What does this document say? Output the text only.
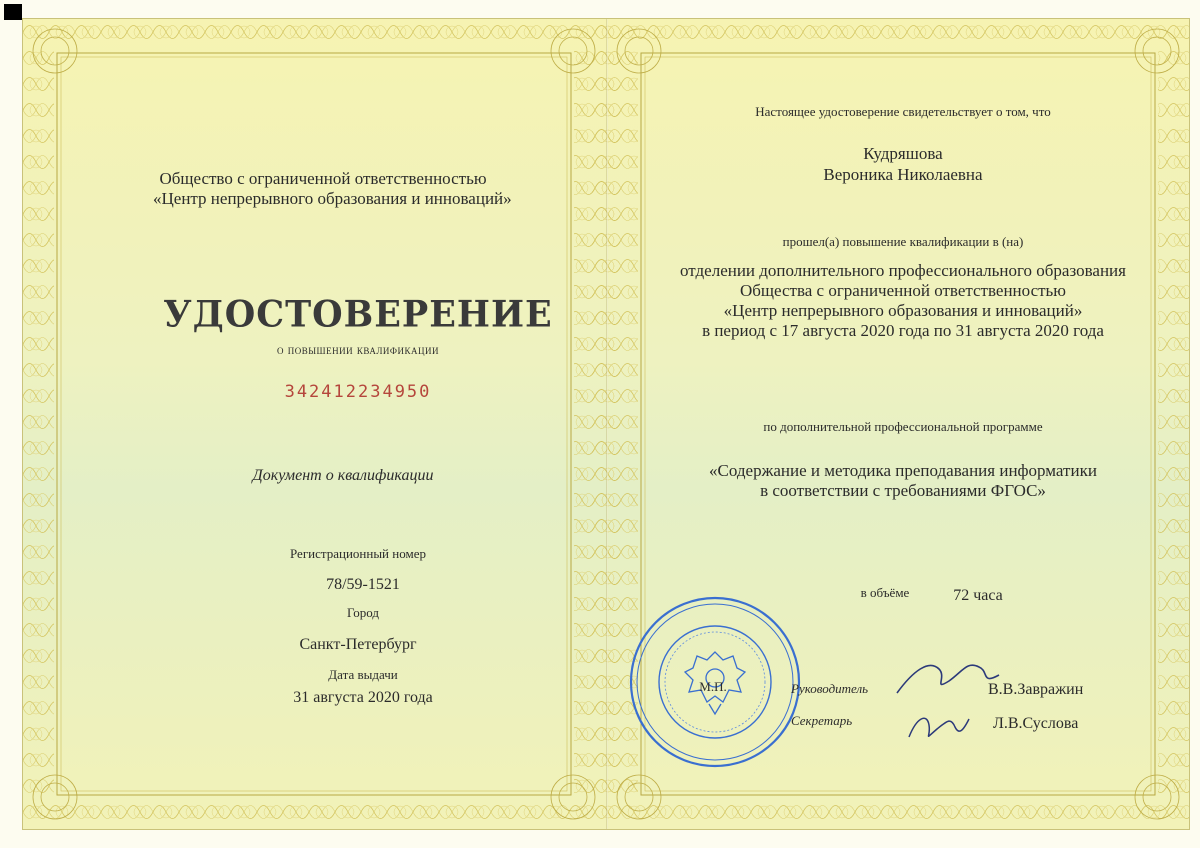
Общество с ограниченной ответственностью
«Центр непрерывного образования и инноваций»
УДОСТОВЕРЕНИЕ
о повышении квалификации
342412234950
Документ о квалификации
Регистрационный номер
78/59-1521
Город
Санкт-Петербург
Дата выдачи
31 августа 2020 года
Настоящее удостоверение свидетельствует о том, что
Кудряшова
Вероника Николаевна
прошел(а) повышение квалификации в (на)
отделении дополнительного профессионального образования
Общества с ограниченной ответственностью
«Центр непрерывного образования и инноваций»
в период с 17 августа 2020 года по 31 августа 2020 года
по дополнительной профессиональной программе
«Содержание и методика преподавания информатики
в соответствии с требованиями ФГОС»
в объёме	72 часа
М.П.	Руководитель	В.В.Завражин
Секретарь	Л.В.Суслова
